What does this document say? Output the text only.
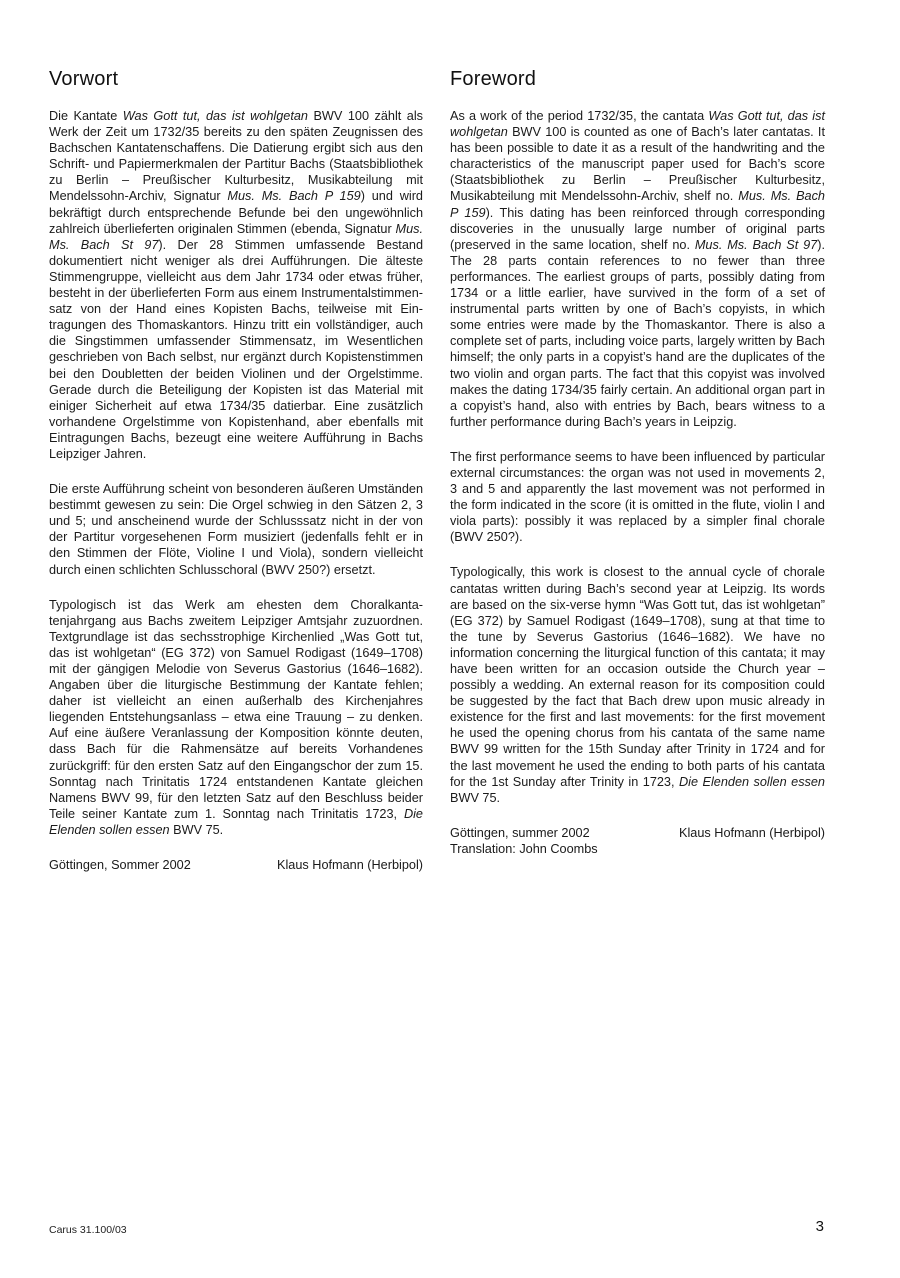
Vorwort

Die Kantate Was Gott tut, das ist wohlgetan BWV 100 zählt als Werk der Zeit um 1732/35 bereits zu den späten Zeugnissen des Bachschen Kantatenschaffens. Die Datierung ergibt sich aus den Schrift- und Papiermerkmalen der Partitur Bachs (Staatsbibliothek zu Berlin – Preußischer Kulturbesitz, Musikabteilung mit Mendelssohn-Archiv, Signatur Mus. Ms. Bach P 159) und wird bekräftigt durch entsprechende Befunde bei den ungewöhnlich zahlreich überlieferten originalen Stimmen (ebenda, Signatur Mus. Ms. Bach St 97). Der 28 Stimmen umfassende Bestand dokumentiert nicht weniger als drei Aufführungen. Die älteste Stimmengruppe, vielleicht aus dem Jahr 1734 oder etwas früher, besteht in der überlieferten Form aus einem Instrumentalstimmensatz von der Hand eines Kopisten Bachs, teilweise mit Eintragungen des Thomaskantors. Hinzu tritt ein vollständiger, auch die Singstimmen umfassender Stimmensatz, im Wesentlichen geschrieben von Bach selbst, nur ergänzt durch Kopistenstimmen bei den Doubletten der beiden Violinen und der Orgelstimme. Gerade durch die Beteiligung der Kopisten ist das Material mit einiger Sicherheit auf etwa 1734/35 datierbar. Eine zusätzlich vorhandene Orgelstimme von Kopistenhand, aber ebenfalls mit Eintragungen Bachs, bezeugt eine weitere Aufführung in Bachs Leipziger Jahren.

Die erste Aufführung scheint von besonderen äußeren Umständen bestimmt gewesen zu sein: Die Orgel schwieg in den Sätzen 2, 3 und 5; und anscheinend wurde der Schlusssatz nicht in der von der Partitur vorgesehenen Form musiziert (jedenfalls fehlt er in den Stimmen der Flöte, Violine I und Viola), sondern vielleicht durch einen schlichten Schlusschoral (BWV 250?) ersetzt.

Typologisch ist das Werk am ehesten dem Choralkantatenjahrgang aus Bachs zweitem Leipziger Amtsjahr zuzuordnen. Textgrundlage ist das sechsstrophige Kirchenlied „Was Gott tut, das ist wohlgetan“ (EG 372) von Samuel Rodigast (1649–1708) mit der gängigen Melodie von Severus Gastorius (1646–1682). Angaben über die liturgische Bestimmung der Kantate fehlen; daher ist vielleicht an einen außerhalb des Kirchenjahres liegenden Entstehungsanlass – etwa eine Trauung – zu denken. Auf eine äußere Veranlassung der Komposition könnte deuten, dass Bach für die Rahmensätze auf bereits Vorhandenes zurückgriff: für den ersten Satz auf den Eingangschor der zum 15. Sonntag nach Trinitatis 1724 entstandenen Kantate gleichen Namens BWV 99, für den letzten Satz auf den Beschluss beider Teile seiner Kantate zum 1. Sonntag nach Trinitatis 1723, Die Elenden sollen essen BWV 75.

Göttingen, Sommer 2002	Klaus Hofmann (Herbipol)
Foreword

As a work of the period 1732/35, the cantata Was Gott tut, das ist wohlgetan BWV 100 is counted as one of Bach’s later cantatas. It has been possible to date it as a result of the handwriting and the characteristics of the manuscript paper used for Bach’s score (Staatsbibliothek zu Berlin – Preußischer Kulturbesitz, Musikabteilung mit Mendelssohn-Archiv, shelf no. Mus. Ms. Bach P 159). This dating has been reinforced through corresponding discoveries in the unusually large number of original parts (preserved in the same location, shelf no. Mus. Ms. Bach St 97). The 28 parts contain references to no fewer than three performances. The earliest groups of parts, possibly dating from 1734 or a little earlier, have survived in the form of a set of instrumental parts written by one of Bach’s copyists, in which some entries were made by the Thomaskantor. There is also a complete set of parts, including voice parts, largely written by Bach himself; the only parts in a copyist’s hand are the duplicates of the two violin and organ parts. The fact that this copyist was involved makes the dating 1734/35 fairly certain. An additional organ part in a copyist’s hand, also with entries by Bach, bears witness to a further performance during Bach’s years in Leipzig.

The first performance seems to have been influenced by particular external circumstances: the organ was not used in movements 2, 3 and 5 and apparently the last movement was not performed in the form indicated in the score (it is omitted in the flute, violin I and viola parts): possibly it was replaced by a simpler final chorale (BWV 250?).

Typologically, this work is closest to the annual cycle of chorale cantatas written during Bach’s second year at Leipzig. Its words are based on the six-verse hymn “Was Gott tut, das ist wohlgetan” (EG 372) by Samuel Rodigast (1649–1708), sung at that time to the tune by Severus Gastorius (1646–1682). We have no information concerning the liturgical function of this cantata; it may have been written for an occasion outside the Church year – possibly a wedding. An external reason for its composition could be suggested by the fact that Bach drew upon music already in existence for the first and last movements: for the first movement he used the opening chorus from his cantata of the same name BWV 99 written for the 15th Sunday after Trinity in 1724 and for the last movement he used the ending to both parts of his cantata for the 1st Sunday after Trinity in 1723, Die Elenden sollen essen BWV 75.

Göttingen, summer 2002	Klaus Hofmann (Herbipol)
Translation: John Coombs
Carus 31.100/03	3
